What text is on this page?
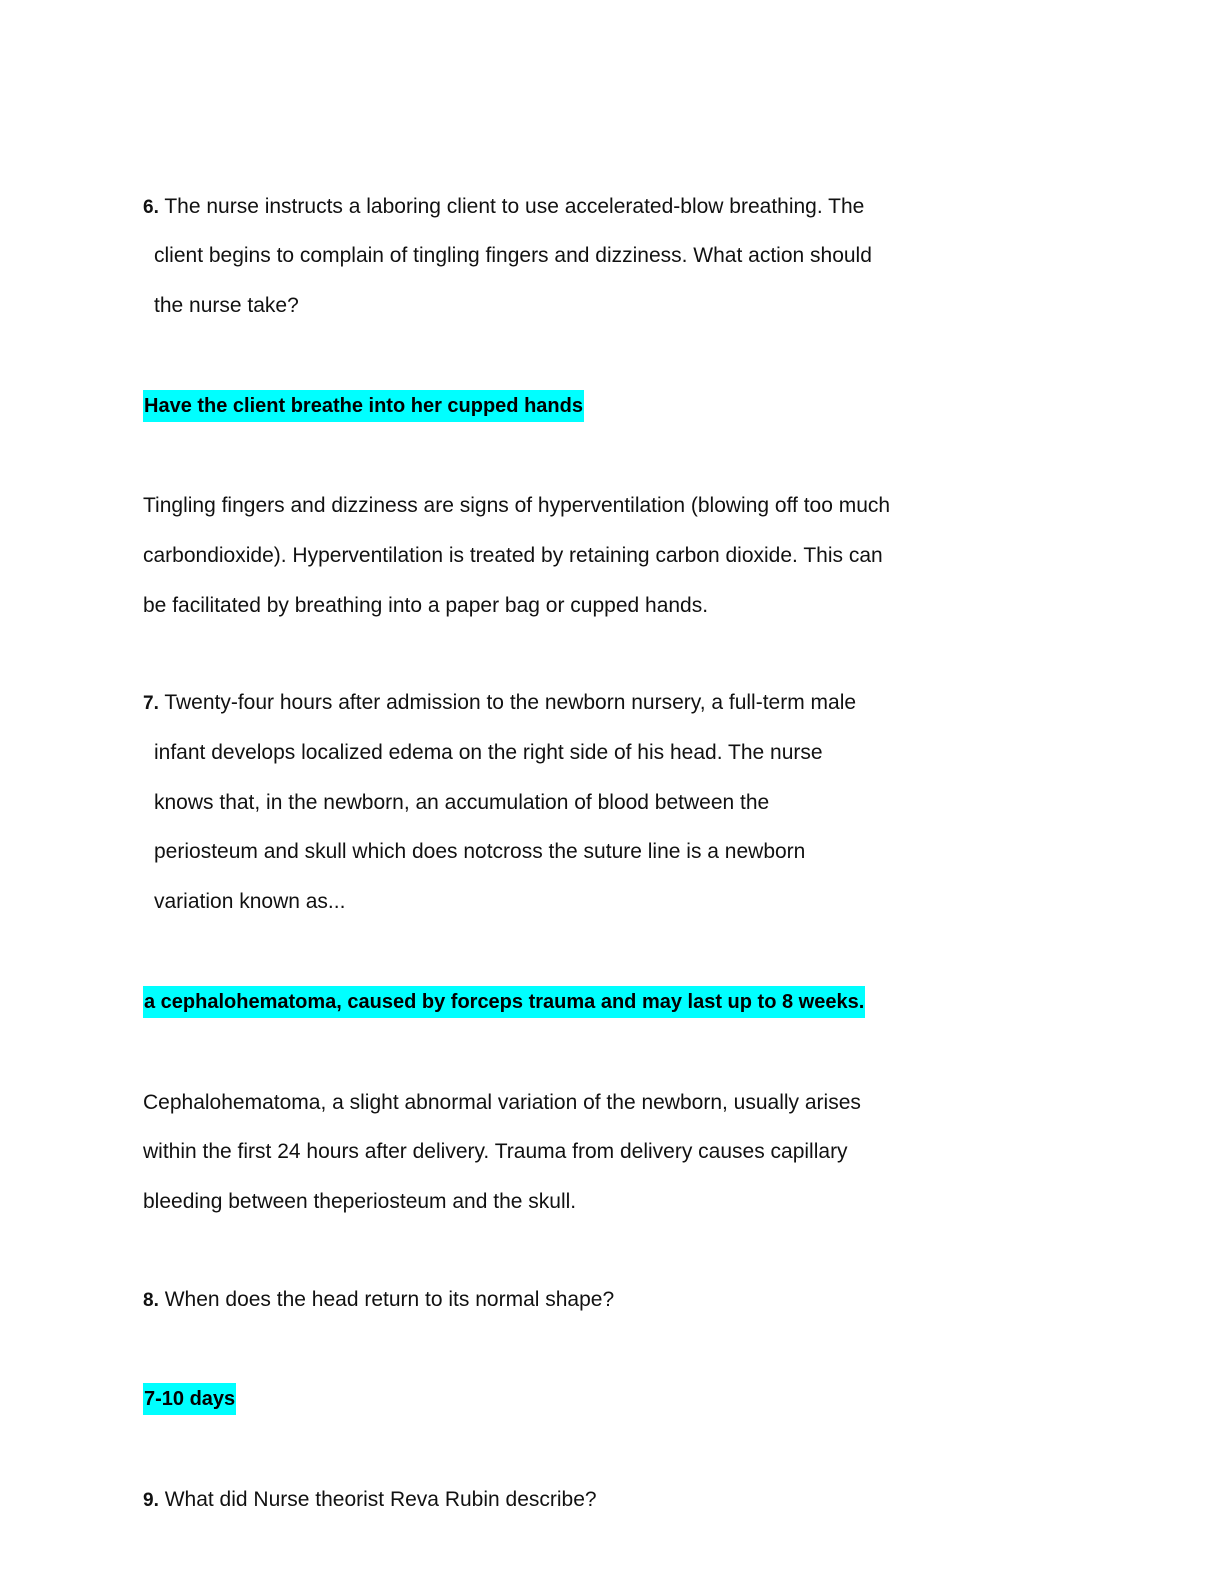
6. The nurse instructs a laboring client to use accelerated-blow breathing. The
client begins to complain of tingling fingers and dizziness. What action should
the nurse take?
Have the client breathe into her cupped hands
Tingling fingers and dizziness are signs of hyperventilation (blowing off too much
carbondioxide). Hyperventilation is treated by retaining carbon dioxide. This can
be facilitated by breathing into a paper bag or cupped hands.
7. Twenty-four hours after admission to the newborn nursery, a full-term male
infant develops localized edema on the right side of his head. The nurse
knows that, in the newborn, an accumulation of blood between the
periosteum and skull which does notcross the suture line is a newborn
variation known as...
a cephalohematoma, caused by forceps trauma and may last up to 8 weeks.
Cephalohematoma, a slight abnormal variation of the newborn, usually arises
within the first 24 hours after delivery. Trauma from delivery causes capillary
bleeding between theperiosteum and the skull.
8. When does the head return to its normal shape?
7-10 days
9. What did Nurse theorist Reva Rubin describe?
